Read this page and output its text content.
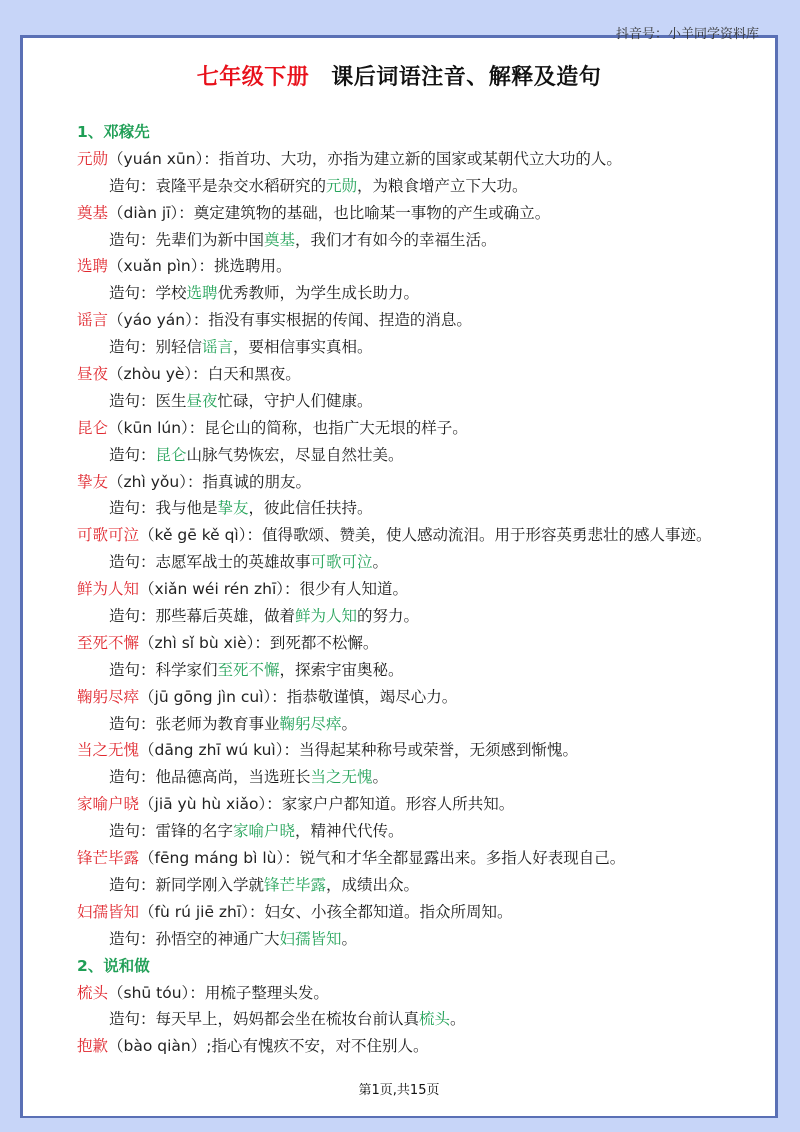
抖音号：小羊同学资料库
七年级下册 课后词语注音、解释及造句
1、邓稼先
元勋（yuán xūn）：指首功、大功，亦指为建立新的国家或某朝代立大功的人。
造句：袁隆平是杂交水稻研究的元勋，为粮食增产立下大功。
奠基（diàn jī）：奠定建筑物的基础，也比喻某一事物的产生或确立。
造句：先辈们为新中国奠基，我们才有如今的幸福生活。
选聘（xuǎn pìn）：挑选聘用。
造句：学校选聘优秀教师，为学生成长助力。
谣言（yáo yán）：指没有事实根据的传闻、捏造的消息。
造句：别轻信谣言，要相信事实真相。
昼夜（zhòu yè）：白天和黑夜。
造句：医生昼夜忙碌，守护人们健康。
昆仑（kūn lún）：昆仑山的简称，也指广大无垠的样子。
造句：昆仑山脉气势恢宏，尽显自然壮美。
挚友（zhì yǒu）：指真诚的朋友。
造句：我与他是挚友，彼此信任扶持。
可歌可泣（kě gē kě qì）：值得歌颂、赞美，使人感动流泪。用于形容英勇悲壮的感人事迹。
造句：志愿军战士的英雄故事可歌可泣。
鲜为人知（xiǎn wéi rén zhī）：很少有人知道。
造句：那些幕后英雄，做着鲜为人知的努力。
至死不懈（zhì sǐ bù xiè）：到死都不松懈。
造句：科学家们至死不懈，探索宇宙奥秘。
鞠躬尽瘁（jū gōng jìn cuì）：指恭敬谨慎，竭尽心力。
造句：张老师为教育事业鞠躬尽瘁。
当之无愧（dāng zhī wú kuì）：当得起某种称号或荣誉，无须感到惭愧。
造句：他品德高尚，当选班长当之无愧。
家喻户晓（jiā yù hù xiǎo）：家家户户都知道。形容人所共知。
造句：雷锋的名字家喻户晓，精神代代传。
锋芒毕露（fēng máng bì lù）：锐气和才华全都显露出来。多指人好表现自己。
造句：新同学刚入学就锋芒毕露，成绩出众。
妇孺皆知（fù rú jiē zhī）：妇女、小孩全都知道。指众所周知。
造句：孙悟空的神通广大妇孺皆知。
2、说和做
梳头（shū tóu）：用梳子整理头发。
造句：每天早上，妈妈都会坐在梳妆台前认真梳头。
抱歉（bào qiàn）;指心有愧疚不安，对不住别人。
第1页,共15页
